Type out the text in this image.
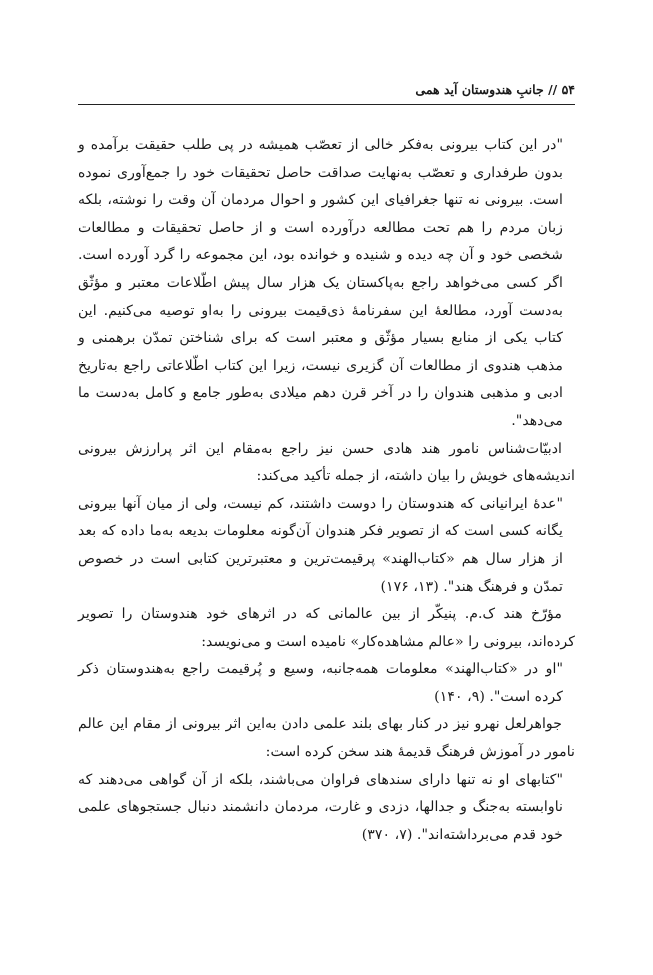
۵۴ // جانبِ هندوستان آید همی

"در این کتاب بیرونی به‌فکر خالی از تعصّب همیشه در پی طلب حقیقت برآمده و بدون طرفداری و تعصّب به‌نهایت صداقت حاصل تحقیقات خود را جمع‌آوری نموده است. بیرونی نه تنها جغرافیای این کشور و احوال مردمان آن وقت را نوشته، بلکه زبان مردم را هم تحت مطالعه درآورده است و از حاصل تحقیقات و مطالعات شخصی خود و آن چه دیده و شنیده و خوانده بود، این مجموعه را گرد آورده است. اگر کسی می‌خواهد راجع به‌پاکستان یک هزار سال پیش اطّلاعات معتبر و مؤثّق به‌دست آورد، مطالعهٔ این سفرنامهٔ ذی‌قیمت بیرونی را به‌او توصیه می‌کنیم. این کتاب یکی از منابع بسیار مؤثّق و معتبر است که برای شناختن تمدّن برهمنی و مذهب هندوی از مطالعات آن گزیری نیست، زیرا این کتاب اطّلاعاتی راجع به‌تاریخ ادبی و مذهبی هندوان را در آخر قرن دهم میلادی به‌طور جامع و کامل به‌دست ما می‌دهد".

ادبیّات‌شناس نامور هند هادی حسن نیز راجع به‌مقام این اثر پرارزش بیرونی اندیشه‌های خویش را بیان داشته، از جمله تأکید می‌کند:

"عدهٔ ایرانیانی که هندوستان را دوست داشتند، کم نیست، ولی از میان آنها بیرونی یگانه کسی است که از تصویر فکر هندوان آن‌گونه معلومات بدیعه به‌ما داده که بعد از هزار سال هم «کتاب‌الهند» پرقیمت‌ترین و معتبرترین کتابی است در خصوص تمدّن و فرهنگ هند". (۱۳، ۱۷۶)

مؤرّخ هند ک.م. پنیکّر از بین عالمانی که در اثرهای خود هندوستان را تصویر کرده‌اند، بیرونی را «عالم مشاهده‌کار» نامیده است و می‌نویسد:

"او در «کتاب‌الهند» معلومات همه‌جانبه، وسیع و پُرقیمت راجع به‌هندوستان ذکر کرده است". (۹، ۱۴۰)

جواهرلعل نهرو نیز در کنار بهای بلند علمی دادن به‌این اثر بیرونی از مقام این عالم نامور در آموزش فرهنگ قدیمهٔ هند سخن کرده است:

"کتابهای او نه تنها دارای سندهای فراوان می‌باشند، بلکه از آن گواهی می‌دهند که ناوابسته به‌جنگ و جدالها، دزدی و غارت، مردمان دانشمند دنبال جستجوهای علمی خود قدم می‌برداشته‌اند". (۷، ۳۷۰)
